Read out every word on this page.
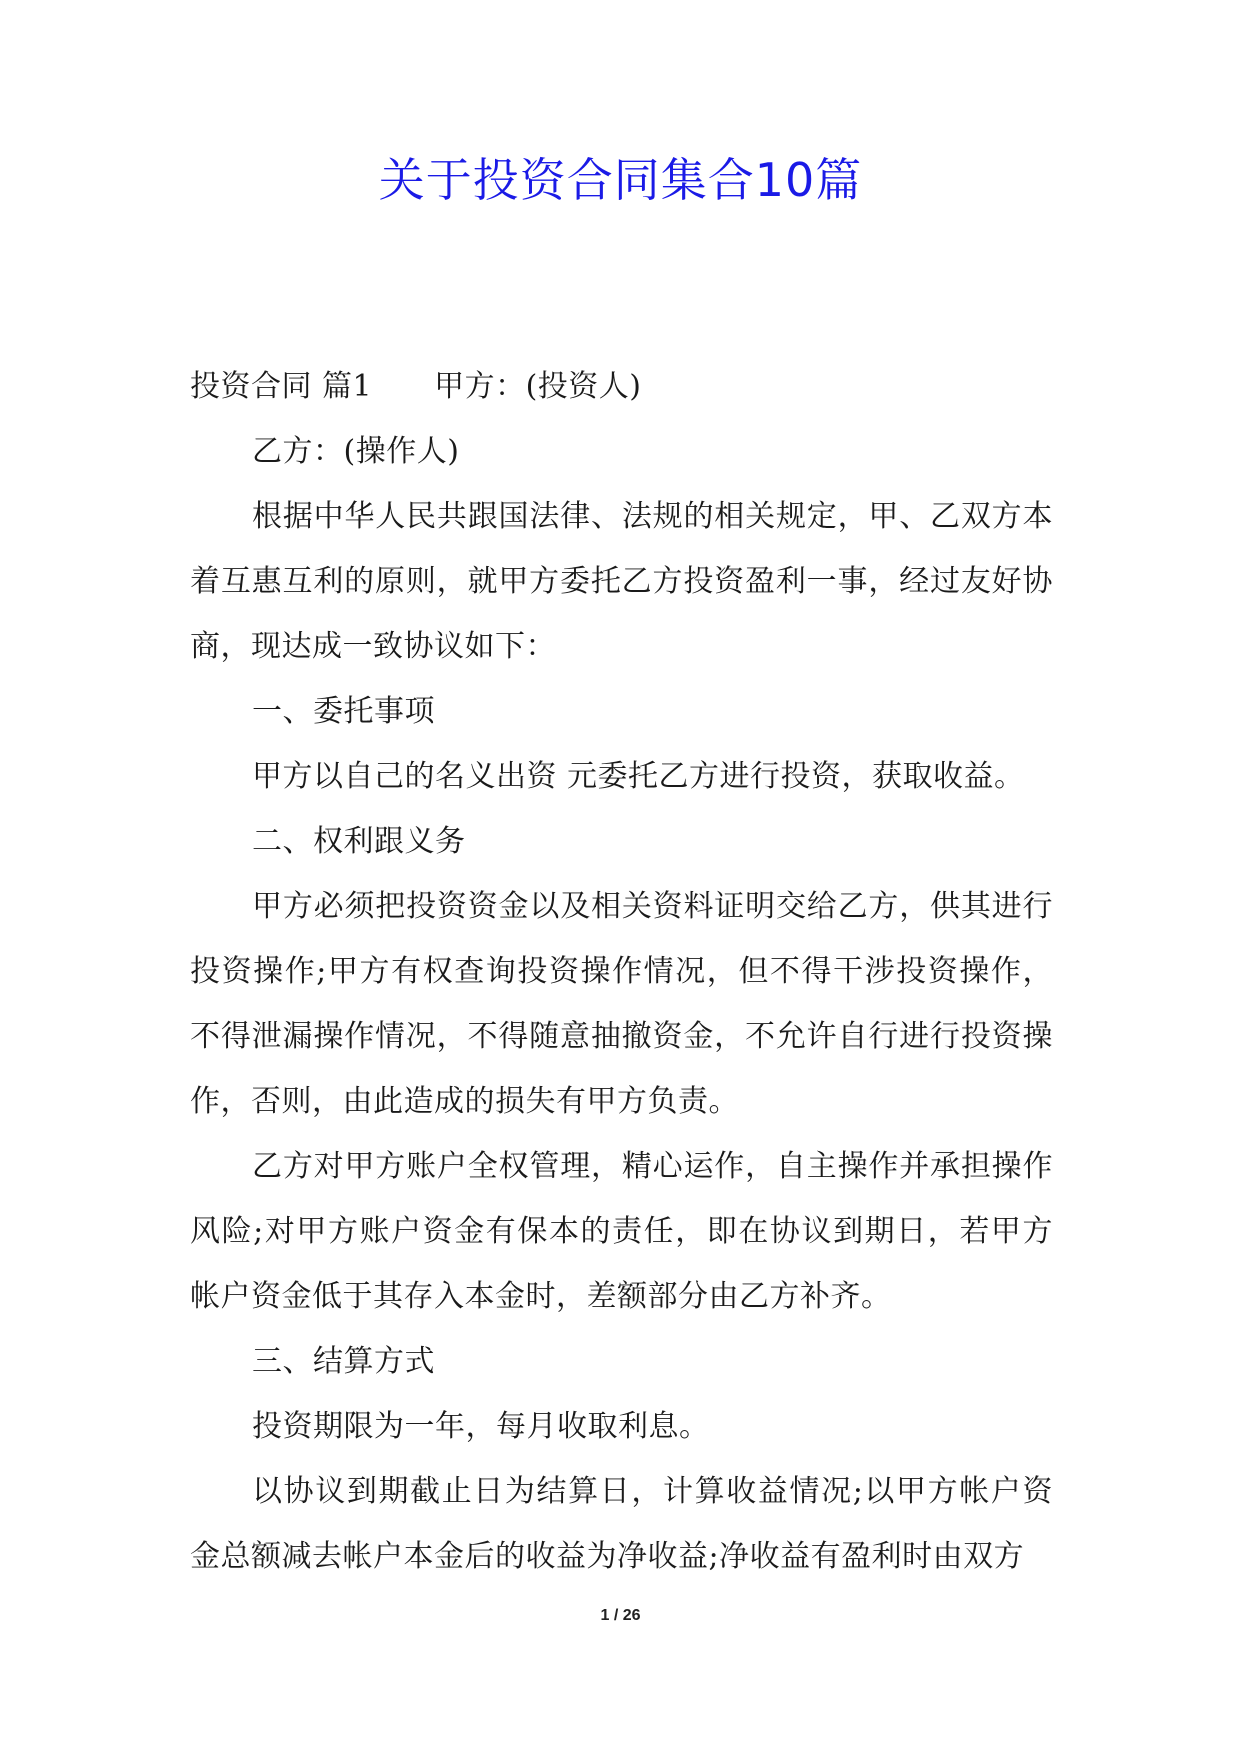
关于投资合同集合10篇

投资合同 篇1 甲方：(投资人)

乙方：(操作人)

根据中华人民共跟国法律、法规的相关规定，甲、乙双方本着互惠互利的原则，就甲方委托乙方投资盈利一事，经过友好协商，现达成一致协议如下：

一、委托事项

甲方以自己的名义出资 元委托乙方进行投资，获取收益。

二、权利跟义务

甲方必须把投资资金以及相关资料证明交给乙方，供其进行投资操作;甲方有权查询投资操作情况，但不得干涉投资操作，不得泄漏操作情况，不得随意抽撤资金，不允许自行进行投资操作，否则，由此造成的损失有甲方负责。

乙方对甲方账户全权管理，精心运作，自主操作并承担操作风险;对甲方账户资金有保本的责任，即在协议到期日，若甲方帐户资金低于其存入本金时，差额部分由乙方补齐。

三、结算方式

投资期限为一年，每月收取利息。

以协议到期截止日为结算日，计算收益情况;以甲方帐户资金总额减去帐户本金后的收益为净收益;净收益有盈利时由双方

1 / 26
